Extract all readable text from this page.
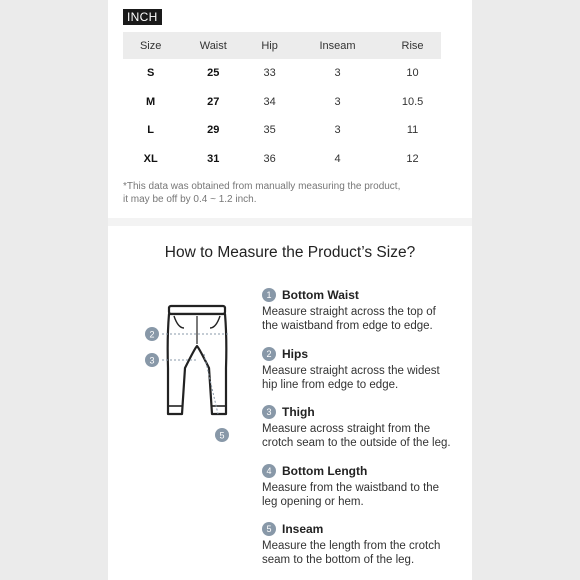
INCH
Size	Waist	Hip	Inseam	Rise
S	25	33	3	10
M	27	34	3	10.5
L	29	35	3	11
XL	31	36	4	12
*This data was obtained from manually measuring the product,
it may be off by 0.4 ~ 1.2 inch.
How to Measure the Product’s Size?
2
3
5
1 Bottom Waist
Measure straight across the top of
the waistband from edge to edge.
2 Hips
Measure straight across the widest
hip line from edge to edge.
3 Thigh
Measure across straight from the
crotch seam to the outside of the leg.
4 Bottom Length
Measure from the waistband to the
leg opening or hem.
5 Inseam
Measure the length from the crotch
seam to the bottom of the leg.
